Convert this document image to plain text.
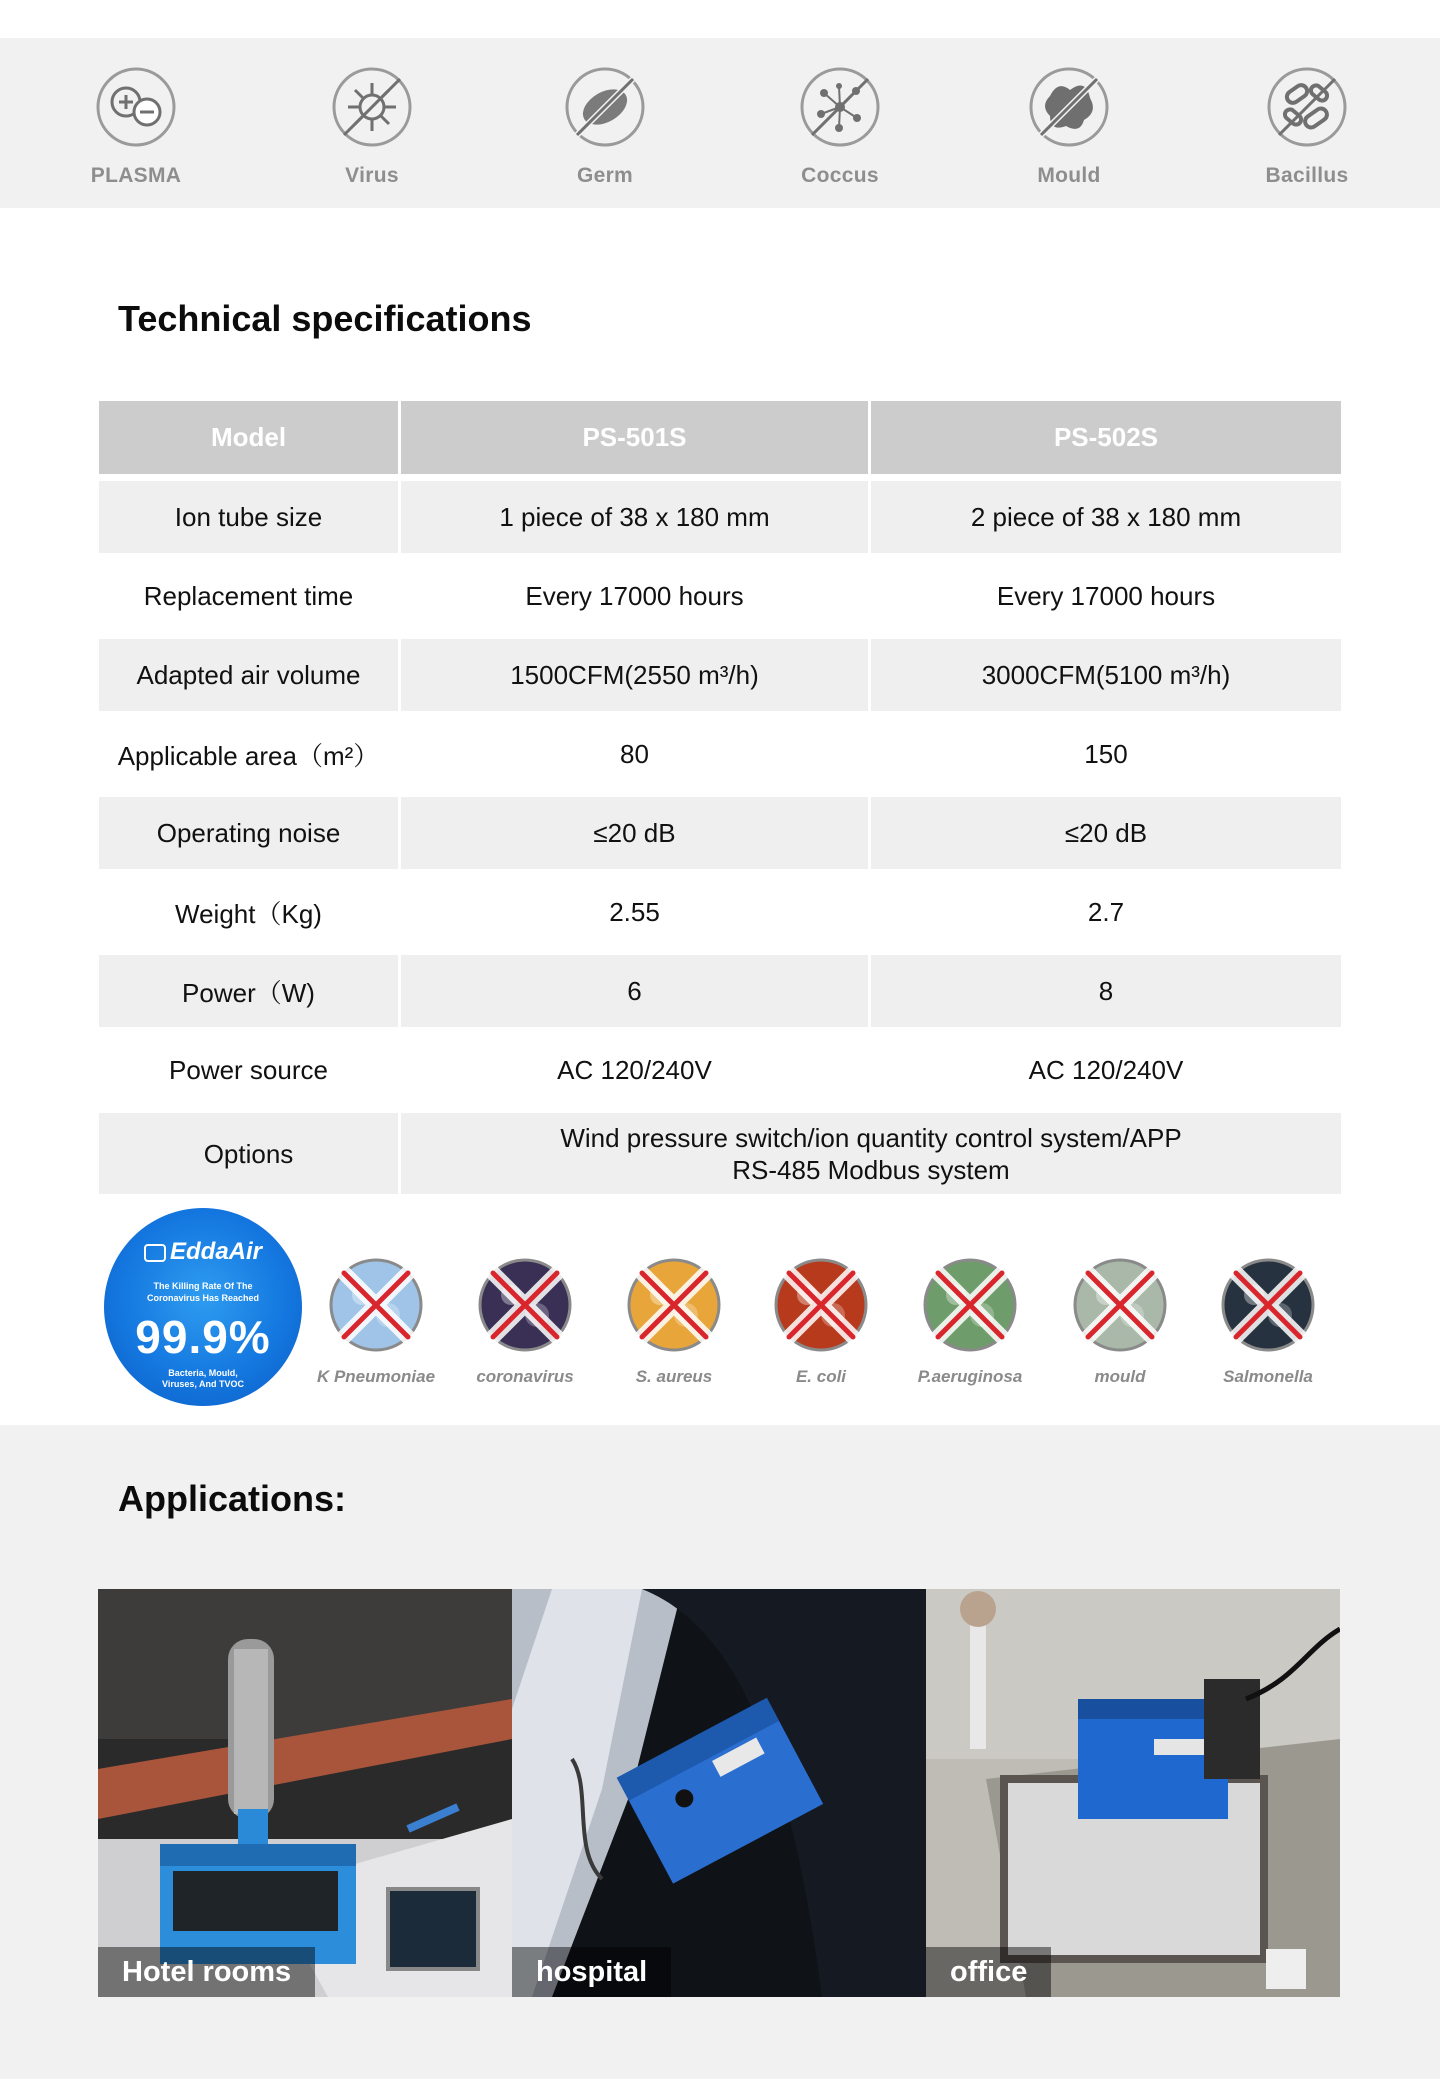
PLASMA	Virus	Germ	Coccus	Mould	Bacillus
Technical specifications
Model	PS-501S	PS-502S
Ion tube size	1 piece of 38 x 180 mm	2 piece of 38 x 180 mm
Replacement time	Every 17000 hours	Every 17000 hours
Adapted air volume	1500CFM(2550 m³/h)	3000CFM(5100 m³/h)
Applicable area（m²）	80	150
Operating noise	≤20 dB	≤20 dB
Weight（Kg)	2.55	2.7
Power（W)	6	8
Power source	AC 120/240V	AC 120/240V
Options	Wind pressure switch/ion quantity control system/APP
RS-485 Modbus system	
EddaAir
The Killing Rate Of The
Coronavirus Has Reached
99.9%
Bacteria, Mould,
Viruses, And TVOC	K Pneumoniae	coronavirus	S. aureus	E. coli	P.aeruginosa	mould	Salmonella
Applications:
Hotel rooms	hospital	office
